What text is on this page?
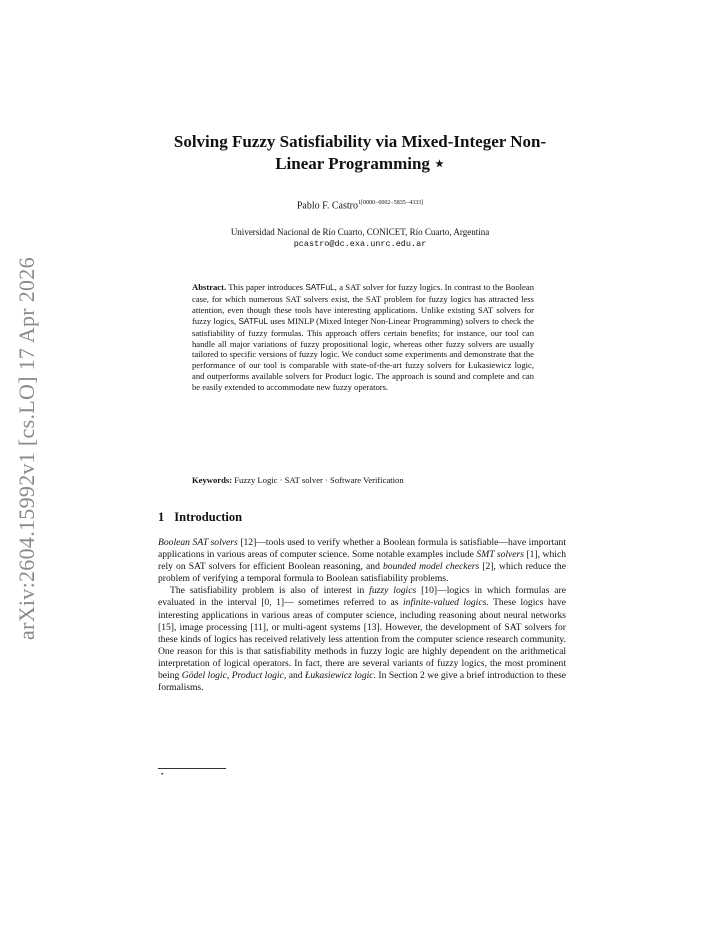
arXiv:2604.15992v1 [cs.LO] 17 Apr 2026
Solving Fuzzy Satisfiability via Mixed-Integer Non-Linear Programming ⋆
Pablo F. Castro$^{1[0000-0002-5835-4333]}$
Universidad Nacional de Río Cuarto, CONICET, Río Cuarto, Argentina
pcastro@dc.exa.unrc.edu.ar
Abstract. This paper introduces SATFuL, a SAT solver for fuzzy logics. In contrast to the Boolean case, for which numerous SAT solvers exist, the SAT problem for fuzzy logics has attracted less attention, even though these tools have interesting applications. Unlike existing SAT solvers for fuzzy logics, SATFuL uses MINLP (Mixed Integer Non-Linear Programming) solvers to check the satisfiability of fuzzy formulas. This approach offers certain benefits; for instance, our tool can handle all major variations of fuzzy propositional logic, whereas other fuzzy solvers are usually tailored to specific versions of fuzzy logic. We conduct some experiments and demonstrate that the performance of our tool is comparable with state-of-the-art fuzzy solvers for Łukasiewicz logic, and outperforms available solvers for Product logic. The approach is sound and complete and can be easily extended to accommodate new fuzzy operators.
Keywords: Fuzzy Logic · SAT solver · Software Verification
1 Introduction

Boolean SAT solvers [12]—tools used to verify whether a Boolean formula is satisfiable—have important applications in various areas of computer science. Some notable examples include SMT solvers [1], which rely on SAT solvers for efficient Boolean reasoning, and bounded model checkers [2], which reduce the problem of verifying a temporal formula to Boolean satisfiability problems.

The satisfiability problem is also of interest in fuzzy logics [10]—logics in which formulas are evaluated in the interval [0, 1]— sometimes referred to as infinite-valued logics. These logics have interesting applications in various areas of computer science, including reasoning about neural networks [15], image processing [11], or multi-agent systems [13]. However, the development of SAT solvers for these kinds of logics has received relatively less attention from the computer science research community. One reason for this is that satisfiability methods in fuzzy logic are highly dependent on the arithmetical interpretation of logical operators. In fact, there are several variants of fuzzy logics, the most prominent being Gödel logic, Product logic, and Łukasiewicz logic. In Section 2 we give a brief introduction to these formalisms.

⋆
